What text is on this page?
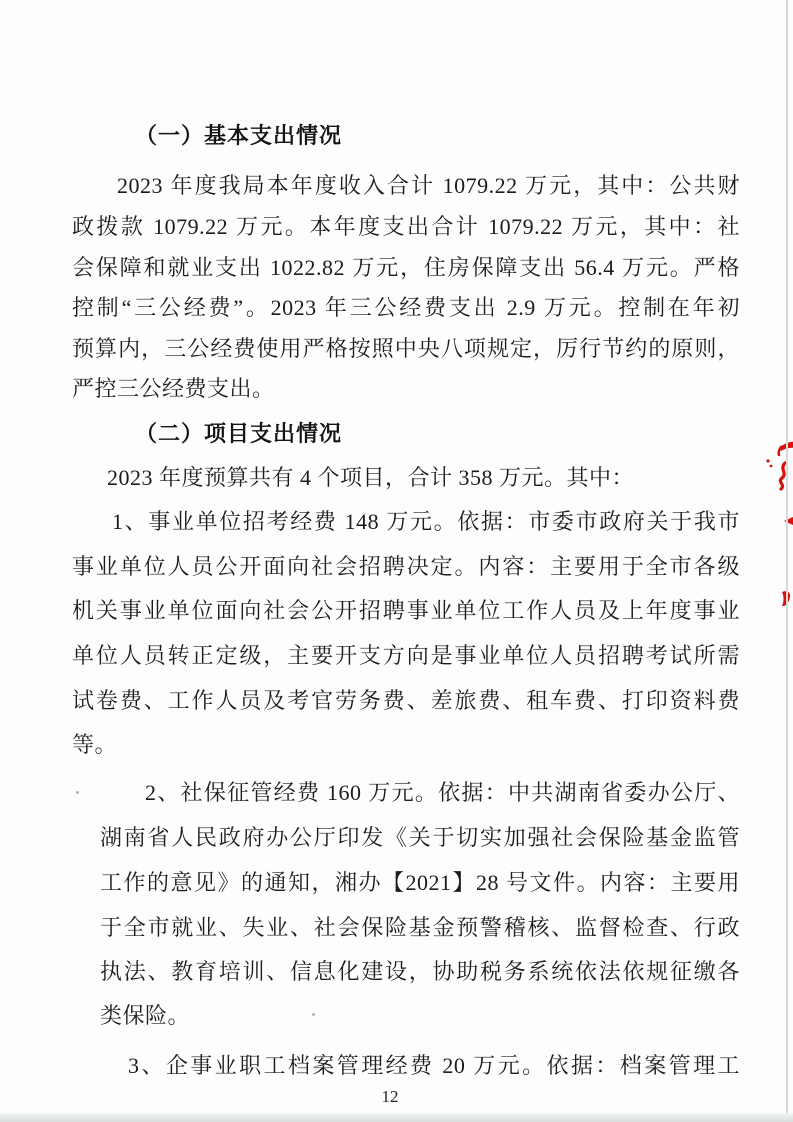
（一）基本支出情况
2023 年度我局本年度收入合计 1079.22 万元，其中：公共财
政拨款 1079.22 万元。本年度支出合计 1079.22 万元，其中：社
会保障和就业支出 1022.82 万元，住房保障支出 56.4 万元。严格
控制“三公经费”。2023 年三公经费支出 2.9 万元。控制在年初
预算内，三公经费使用严格按照中央八项规定，厉行节约的原则，
严控三公经费支出。
（二）项目支出情况
2023 年度预算共有 4 个项目，合计 358 万元。其中：
1、事业单位招考经费 148 万元。依据：市委市政府关于我市
事业单位人员公开面向社会招聘决定。内容：主要用于全市各级
机关事业单位面向社会公开招聘事业单位工作人员及上年度事业
单位人员转正定级，主要开支方向是事业单位人员招聘考试所需
试卷费、工作人员及考官劳务费、差旅费、租车费、打印资料费
等。
2、社保征管经费 160 万元。依据：中共湖南省委办公厅、
湖南省人民政府办公厅印发《关于切实加强社会保险基金监管
工作的意见》的通知，湘办【2021】28 号文件。内容：主要用
于全市就业、失业、社会保险基金预警稽核、监督检查、行政
执法、教育培训、信息化建设，协助税务系统依法依规征缴各
类保险。
3、企事业职工档案管理经费 20 万元。依据：档案管理工
12
